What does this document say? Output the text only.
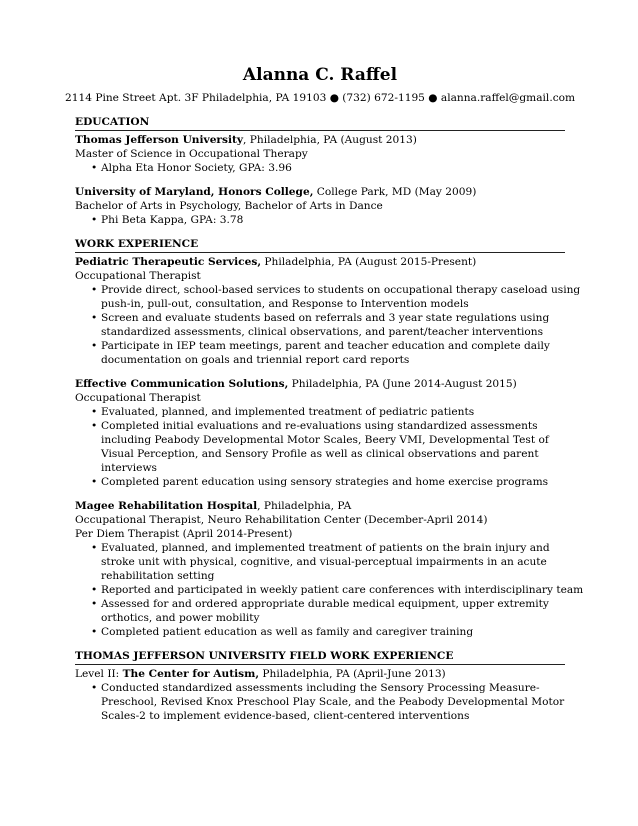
Alanna C. Raffel
2114 Pine Street Apt. 3F Philadelphia, PA 19103 ● (732) 672-1195 ● alanna.raffel@gmail.com
EDUCATION
Thomas Jefferson University, Philadelphia, PA (August 2013)
Master of Science in Occupational Therapy
• Alpha Eta Honor Society, GPA: 3.96
University of Maryland, Honors College, College Park, MD (May 2009)
Bachelor of Arts in Psychology, Bachelor of Arts in Dance
• Phi Beta Kappa, GPA: 3.78
WORK EXPERIENCE
Pediatric Therapeutic Services, Philadelphia, PA (August 2015-Present)
Occupational Therapist
• Provide direct, school-based services to students on occupational therapy caseload using
push-in, pull-out, consultation, and Response to Intervention models
• Screen and evaluate students based on referrals and 3 year state regulations using
standardized assessments, clinical observations, and parent/teacher interventions
• Participate in IEP team meetings, parent and teacher education and complete daily
documentation on goals and triennial report card reports
Effective Communication Solutions, Philadelphia, PA (June 2014-August 2015)
Occupational Therapist
• Evaluated, planned, and implemented treatment of pediatric patients
• Completed initial evaluations and re-evaluations using standardized assessments
including Peabody Developmental Motor Scales, Beery VMI, Developmental Test of
Visual Perception, and Sensory Profile as well as clinical observations and parent
interviews
• Completed parent education using sensory strategies and home exercise programs
Magee Rehabilitation Hospital, Philadelphia, PA
Occupational Therapist, Neuro Rehabilitation Center (December-April 2014)
Per Diem Therapist (April 2014-Present)
• Evaluated, planned, and implemented treatment of patients on the brain injury and
stroke unit with physical, cognitive, and visual-perceptual impairments in an acute
rehabilitation setting
• Reported and participated in weekly patient care conferences with interdisciplinary team
• Assessed for and ordered appropriate durable medical equipment, upper extremity
orthotics, and power mobility
• Completed patient education as well as family and caregiver training
THOMAS JEFFERSON UNIVERSITY FIELD WORK EXPERIENCE
Level II: The Center for Autism, Philadelphia, PA (April-June 2013)
• Conducted standardized assessments including the Sensory Processing Measure-
Preschool, Revised Knox Preschool Play Scale, and the Peabody Developmental Motor
Scales-2 to implement evidence-based, client-centered interventions
